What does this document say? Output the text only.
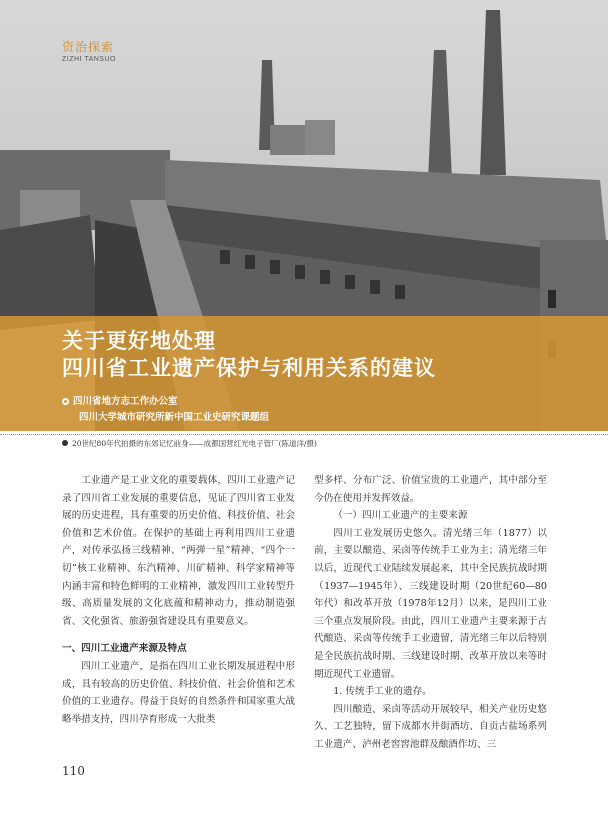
资治探索
ZIZHI TANSUO
关于更好地处理
四川省工业遗产保护与利用关系的建议
四川省地方志工作办公室
四川大学城市研究所新中国工业史研究课题组
20世纪80年代拍摄的东郊记忆前身——成都国营红光电子管厂(陈道洋/摄)

工业遗产是工业文化的重要载体，四川工业遗产记录了四川省工业发展的重要信息，见证了四川省工业发展的历史进程，具有重要的历史价值、科技价值、社会价值和艺术价值。在保护的基础上再利用四川工业遗产，对传承弘扬三线精神、“两弹一星”精神、“四个一切”核工业精神、东汽精神、川矿精神、科学家精神等内涵丰富和特色鲜明的工业精神，激发四川工业转型升级、高质量发展的文化底蕴和精神动力，推动制造强省、文化强省、旅游强省建设具有重要意义。

一、四川工业遗产来源及特点

四川工业遗产，是指在四川工业长期发展进程中形成，具有较高的历史价值、科技价值、社会价值和艺术价值的工业遗存。得益于良好的自然条件和国家重大战略举措支持，四川孕育形成一大批类

型多样、分布广泛、价值宝贵的工业遗产，其中部分至今仍在使用并发挥效益。

（一）四川工业遗产的主要来源

四川工业发展历史悠久。清光绪三年（1877）以前，主要以酿造、采卤等传统手工业为主；清光绪三年以后，近现代工业陆续发展起来，其中全民族抗战时期（1937—1945年）、三线建设时期（20世纪60—80年代）和改革开放（1978年12月）以来，是四川工业三个重点发展阶段。由此，四川工业遗产主要来源于古代酿造、采卤等传统手工业遗留，清光绪三年以后特别是全民族抗战时期、三线建设时期、改革开放以来等时期近现代工业遗留。

1. 传统手工业的遗存。

四川酿造、采卤等活动开展较早，相关产业历史悠久、工艺独特，留下成都水井街酒坊、自贡古盐场系列工业遗产、泸州老窖窖池群及酿酒作坊、三

110
